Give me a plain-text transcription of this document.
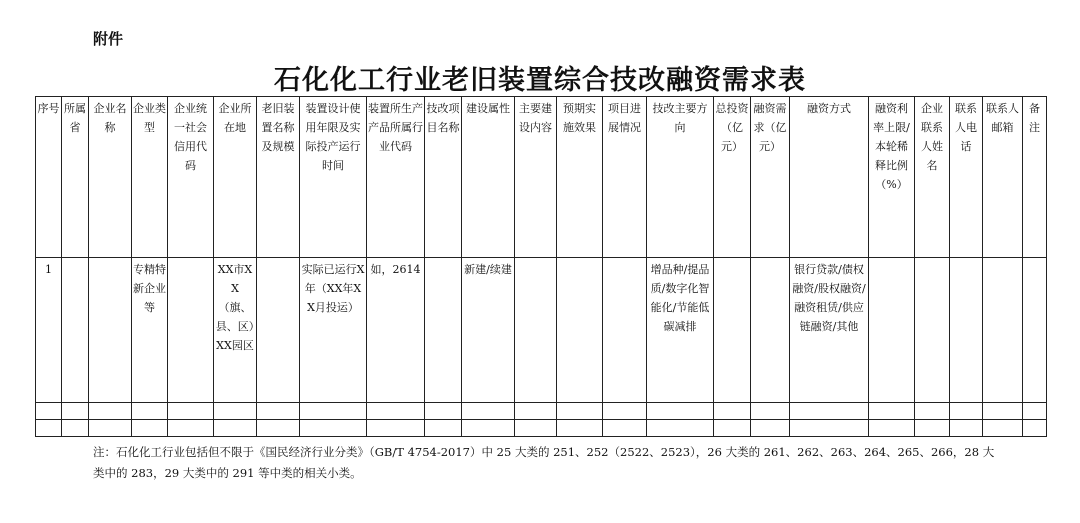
附件
石化化工行业老旧装置综合技改融资需求表
序号	所属省	企业名称	企业类型	企业统一社会信用代码	企业所在地	老旧装置名称及规模	装置设计使用年限及实际投产运行时间	装置所生产产品所属行业代码	技改项目名称	建设属性	主要建设内容	预期实施效果	项目进展情况	技改主要方向	总投资（亿元）	融资需求（亿元）	融资方式	融资利率上限/本轮稀释比例（%）	企业联系人姓名	联系人电话	联系人邮箱	备注
1			专精特新企业等		XX市XX（旗、县、区）XX园区		实际已运行X年（XX年XX月投运）	如，2614		新建/续建				增品种/提品质/数字化智能化/节能低碳减排			银行贷款/债权融资/股权融资/融资租赁/供应链融资/其他					

注：石化化工行业包括但不限于《国民经济行业分类》（GB/T 4754-2017）中 25 大类的 251、252（2522、2523），26 大类的 261、262、263、264、265、266，28 大类中的 283，29 大类中的 291 等中类的相关小类。
